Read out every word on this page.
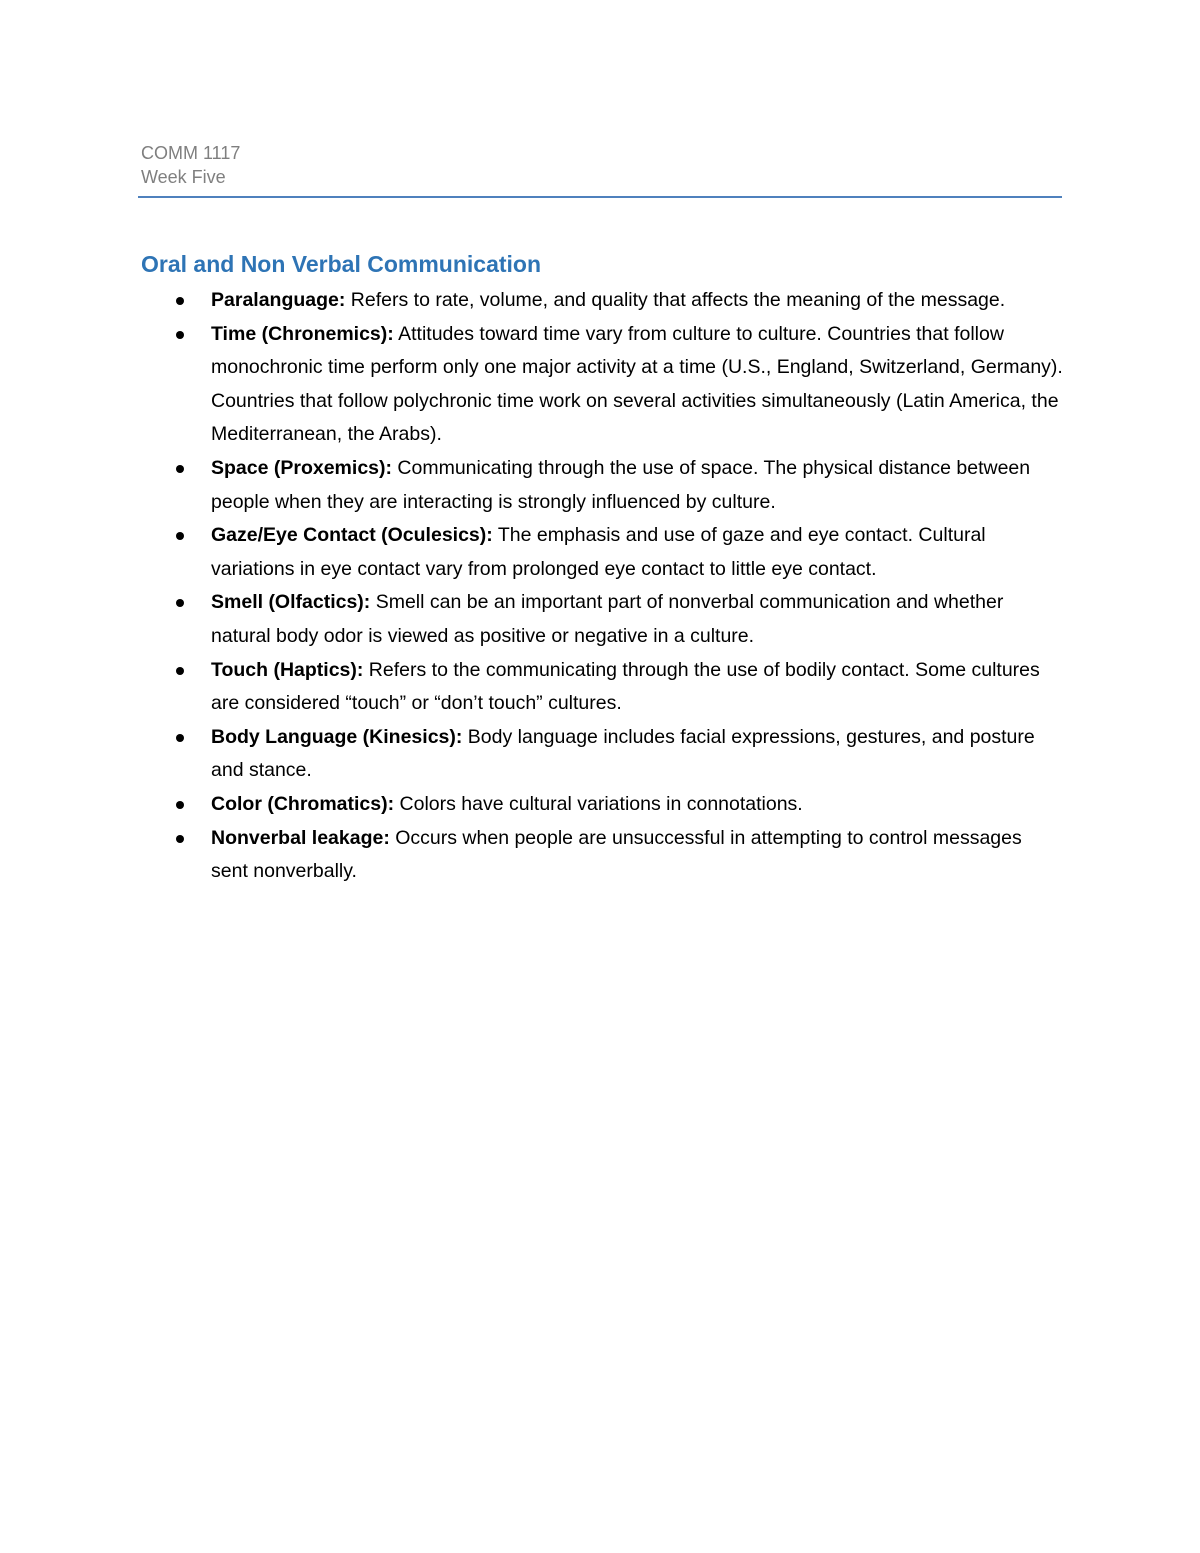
COMM 1117
Week Five
Oral and Non Verbal Communication
Paralanguage: Refers to rate, volume, and quality that affects the meaning of the message.
Time (Chronemics): Attitudes toward time vary from culture to culture. Countries that follow monochronic time perform only one major activity at a time (U.S., England, Switzerland, Germany). Countries that follow polychronic time work on several activities simultaneously (Latin America, the Mediterranean, the Arabs).
Space (Proxemics): Communicating through the use of space. The physical distance between people when they are interacting is strongly influenced by culture.
Gaze/Eye Contact (Oculesics): The emphasis and use of gaze and eye contact. Cultural variations in eye contact vary from prolonged eye contact to little eye contact.
Smell (Olfactics): Smell can be an important part of nonverbal communication and whether natural body odor is viewed as positive or negative in a culture.
Touch (Haptics): Refers to the communicating through the use of bodily contact. Some cultures are considered “touch” or “don’t touch” cultures.
Body Language (Kinesics): Body language includes facial expressions, gestures, and posture and stance.
Color (Chromatics): Colors have cultural variations in connotations.
Nonverbal leakage: Occurs when people are unsuccessful in attempting to control messages sent nonverbally.
